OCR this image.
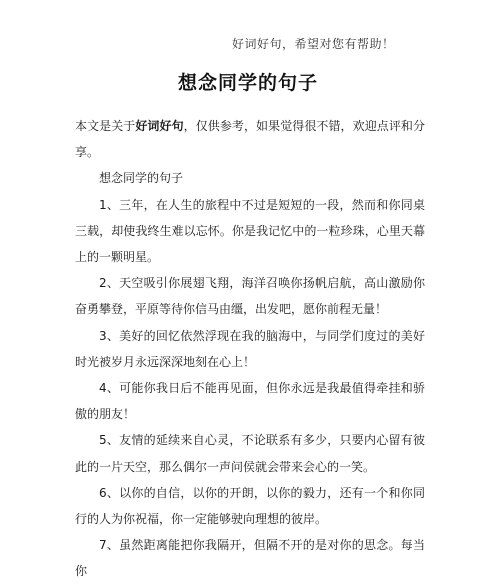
好词好句，希望对您有帮助！
想念同学的句子

本文是关于好词好句，仅供参考，如果觉得很不错，欢迎点评和分享。

想念同学的句子

1、三年，在人生的旅程中不过是短短的一段，然而和你同桌三载，却使我终生难以忘怀。你是我记忆中的一粒珍珠，心里天幕上的一颗明星。

2、天空吸引你展翅飞翔，海洋召唤你扬帆启航，高山激励你奋勇攀登，平原等待你信马由缰，出发吧，愿你前程无量！

3、美好的回忆依然浮现在我的脑海中，与同学们度过的美好时光被岁月永远深深地刻在心上！

4、可能你我日后不能再见面，但你永远是我最值得牵挂和骄傲的朋友！

5、友情的延续来自心灵，不论联系有多少，只要内心留有彼此的一片天空，那么偶尔一声问侯就会带来会心的一笑。

6、以你的自信，以你的开朗，以你的毅力，还有一个和你同行的人为你祝福，你一定能够驶向理想的彼岸。

7、虽然距离能把你我隔开，但隔不开的是对你的思念。每当你
